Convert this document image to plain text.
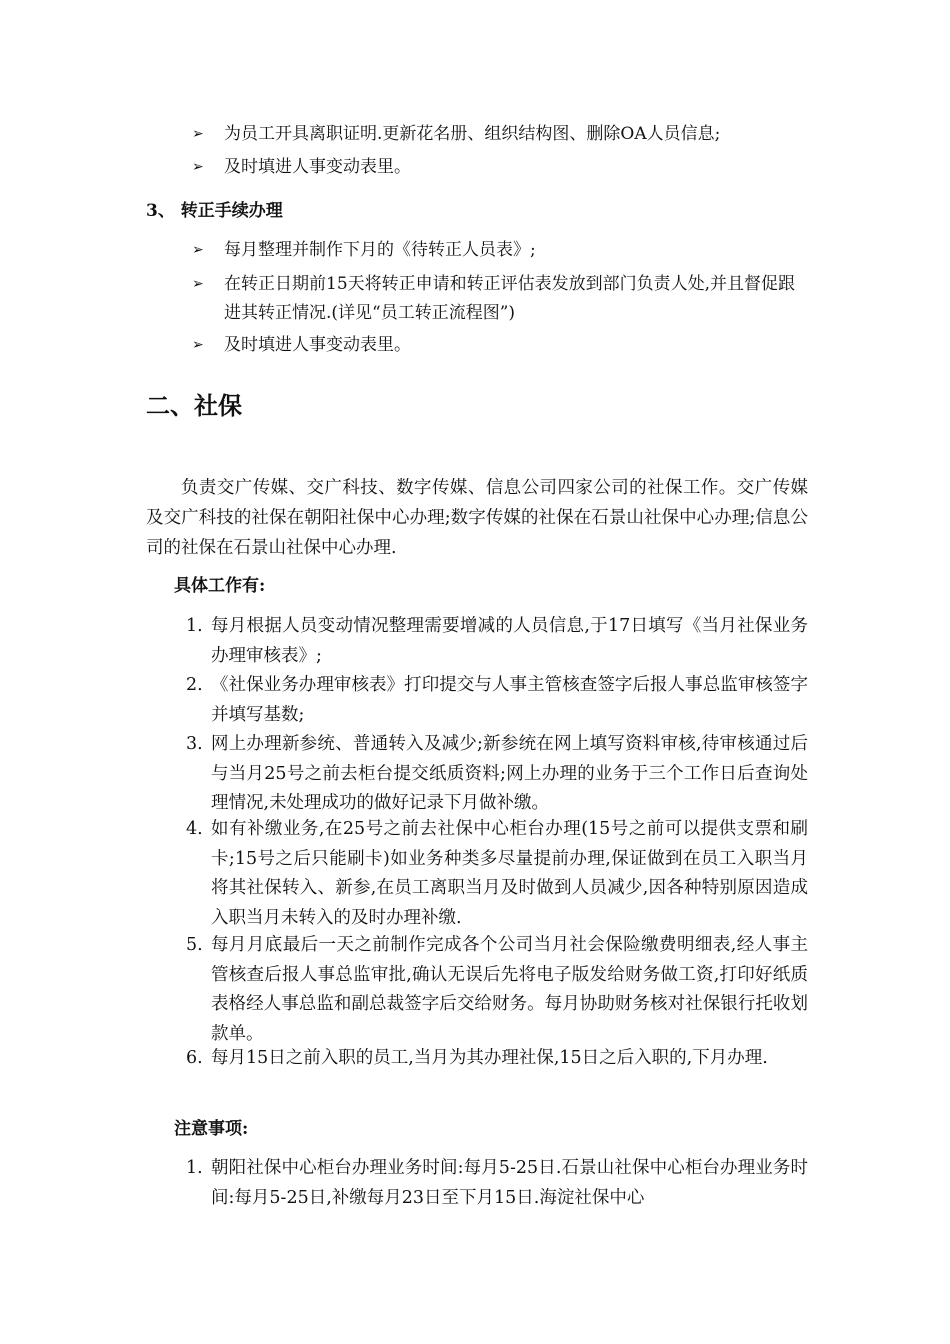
➢ 为员工开具离职证明.更新花名册、组织结构图、删除OA人员信息;
➢ 及时填进人事变动表里。
3、 转正手续办理
➢ 每月整理并制作下月的《待转正人员表》;
➢ 在转正日期前15天将转正申请和转正评估表发放到部门负责人处,并且督促跟进其转正情况.(详见“员工转正流程图”)
➢ 及时填进人事变动表里。
二、社保
负责交广传媒、交广科技、数字传媒、信息公司四家公司的社保工作。交广传媒及交广科技的社保在朝阳社保中心办理;数字传媒的社保在石景山社保中心办理;信息公司的社保在石景山社保中心办理.
具体工作有:
1. 每月根据人员变动情况整理需要增减的人员信息,于17日填写《当月社保业务办理审核表》;
2. 《社保业务办理审核表》打印提交与人事主管核查签字后报人事总监审核签字并填写基数;
3. 网上办理新参统、普通转入及减少;新参统在网上填写资料审核,待审核通过后与当月25号之前去柜台提交纸质资料;网上办理的业务于三个工作日后查询处理情况,未处理成功的做好记录下月做补缴。
4. 如有补缴业务,在25号之前去社保中心柜台办理(15号之前可以提供支票和刷卡;15号之后只能刷卡)如业务种类多尽量提前办理,保证做到在员工入职当月将其社保转入、新参,在员工离职当月及时做到人员减少,因各种特别原因造成入职当月未转入的及时办理补缴.
5. 每月月底最后一天之前制作完成各个公司当月社会保险缴费明细表,经人事主管核查后报人事总监审批,确认无误后先将电子版发给财务做工资,打印好纸质表格经人事总监和副总裁签字后交给财务。每月协助财务核对社保银行托收划款单。
6. 每月15日之前入职的员工,当月为其办理社保,15日之后入职的,下月办理.
注意事项:
1. 朝阳社保中心柜台办理业务时间:每月5-25日.石景山社保中心柜台办理业务时间:每月5-25日,补缴每月23日至下月15日.海淀社保中心
